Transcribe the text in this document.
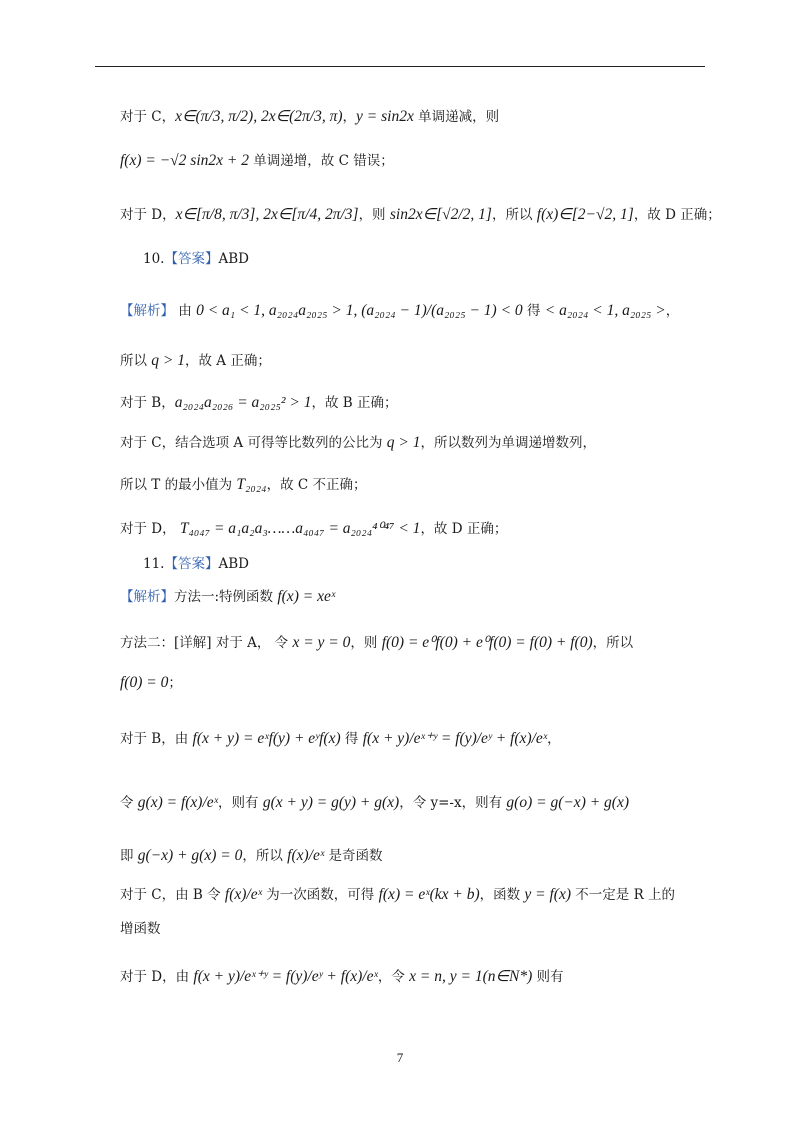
对于 C，x∈(π/3, π/2), 2x∈(2π/3, π)，y = sin2x 单调递减，则
f(x) = −√2 sin2x + 2 单调递增，故 C 错误；
对于 D，x∈[π/8, π/3], 2x∈[π/4, 2π/3]，则 sin2x∈[√2/2, 1]，所以 f(x)∈[2−√2, 1]，故 D 正确；
10.【答案】ABD
【解析】 由 0 < a₁ < 1, a₂₀₂₄a₂₀₂₅ > 1, (a₂₀₂₄ − 1)/(a₂₀₂₅ − 1) < 0 得 < a₂₀₂₄ < 1, a₂₀₂₅ >，
所以 q > 1，故 A 正确；
对于 B，a₂₀₂₄a₂₀₂₆ = a₂₀₂₅² > 1，故 B 正确；
对于 C，结合选项 A 可得等比数列的公比为 q > 1，所以数列为单调递增数列，
所以 T 的最小值为 T₂₀₂₄，故 C 不正确；
对于 D， T₄₀₄₇ = a₁a₂a₃……a₄₀₄₇ = a₂₀₂₄⁴⁰⁴⁷ < 1，故 D 正确；
11.【答案】ABD
【解析】方法一:特例函数 f(x) = xeˣ
方法二：[详解] 对于 A， 令 x = y = 0，则 f(0) = e⁰f(0) + e⁰f(0) = f(0) + f(0)，所以
f(0) = 0；
对于 B，由 f(x + y) = eˣf(y) + eʸf(x) 得 f(x + y)/eˣ⁺ʸ = f(y)/eʸ + f(x)/eˣ，
令 g(x) = f(x)/eˣ，则有 g(x + y) = g(y) + g(x)，令 y=-x，则有 g(o) = g(−x) + g(x)
即 g(−x) + g(x) = 0，所以 f(x)/eˣ 是奇函数
对于 C，由 B 令 f(x)/eˣ 为一次函数，可得 f(x) = eˣ(kx + b)，函数 y = f(x) 不一定是 R 上的
增函数
对于 D，由 f(x + y)/eˣ⁺ʸ = f(y)/eʸ + f(x)/eˣ，令 x = n, y = 1(n∈N*) 则有
7
